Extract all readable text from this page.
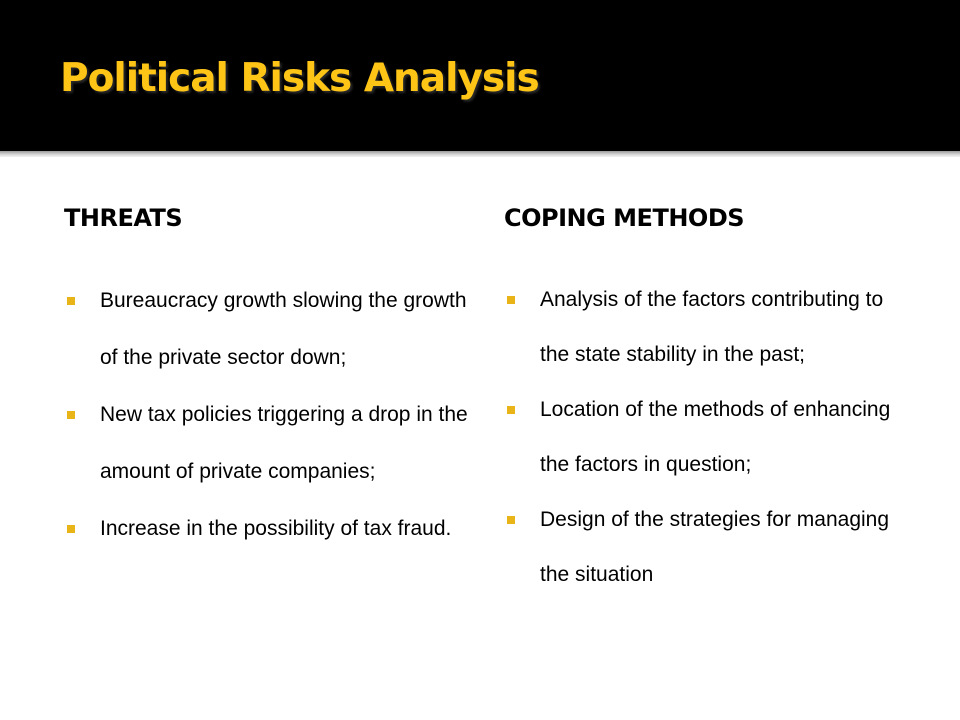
Political Risks Analysis
THREATS
Bureaucracy growth slowing the growth of the private sector down;
New tax policies triggering a drop in the amount of private companies;
Increase in the possibility of tax fraud.
COPING METHODS
Analysis of the factors contributing to the state stability in the past;
Location of the methods of enhancing the factors in question;
Design of the strategies for managing the situation
